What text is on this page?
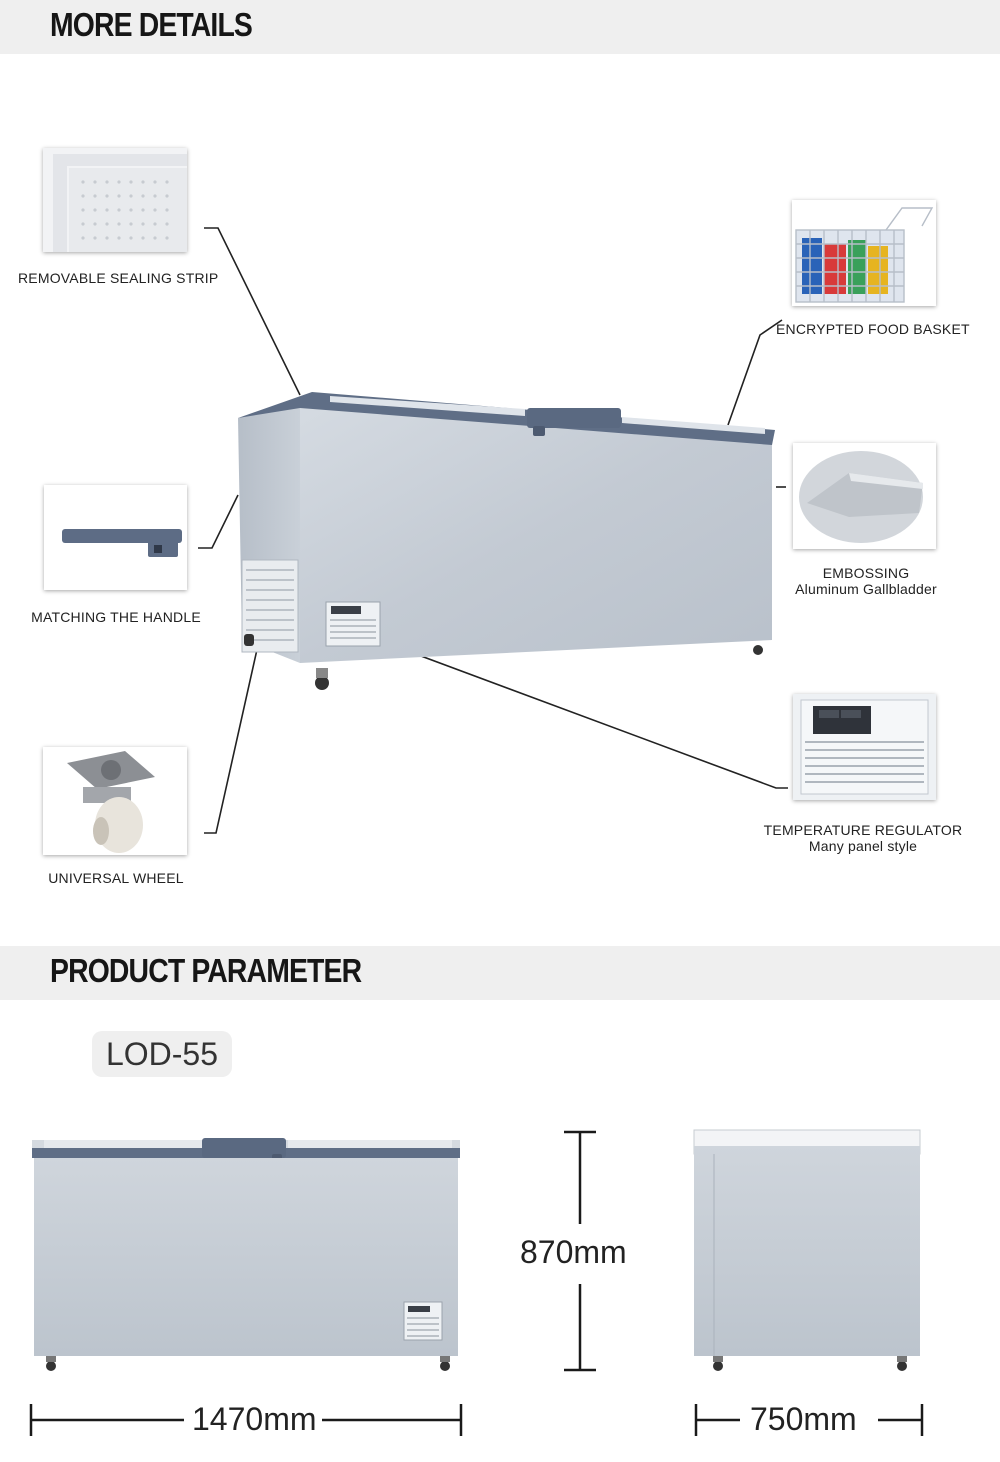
MORE DETAILS
PRODUCT PARAMETER
REMOVABLE SEALING STRIP
MATCHING THE HANDLE
UNIVERSAL WHEEL
ENCRYPTED FOOD BASKET
EMBOSSING
Aluminum Gallbladder
TEMPERATURE REGULATOR
Many panel style
LOD-55
870mm
1470mm	750mm
